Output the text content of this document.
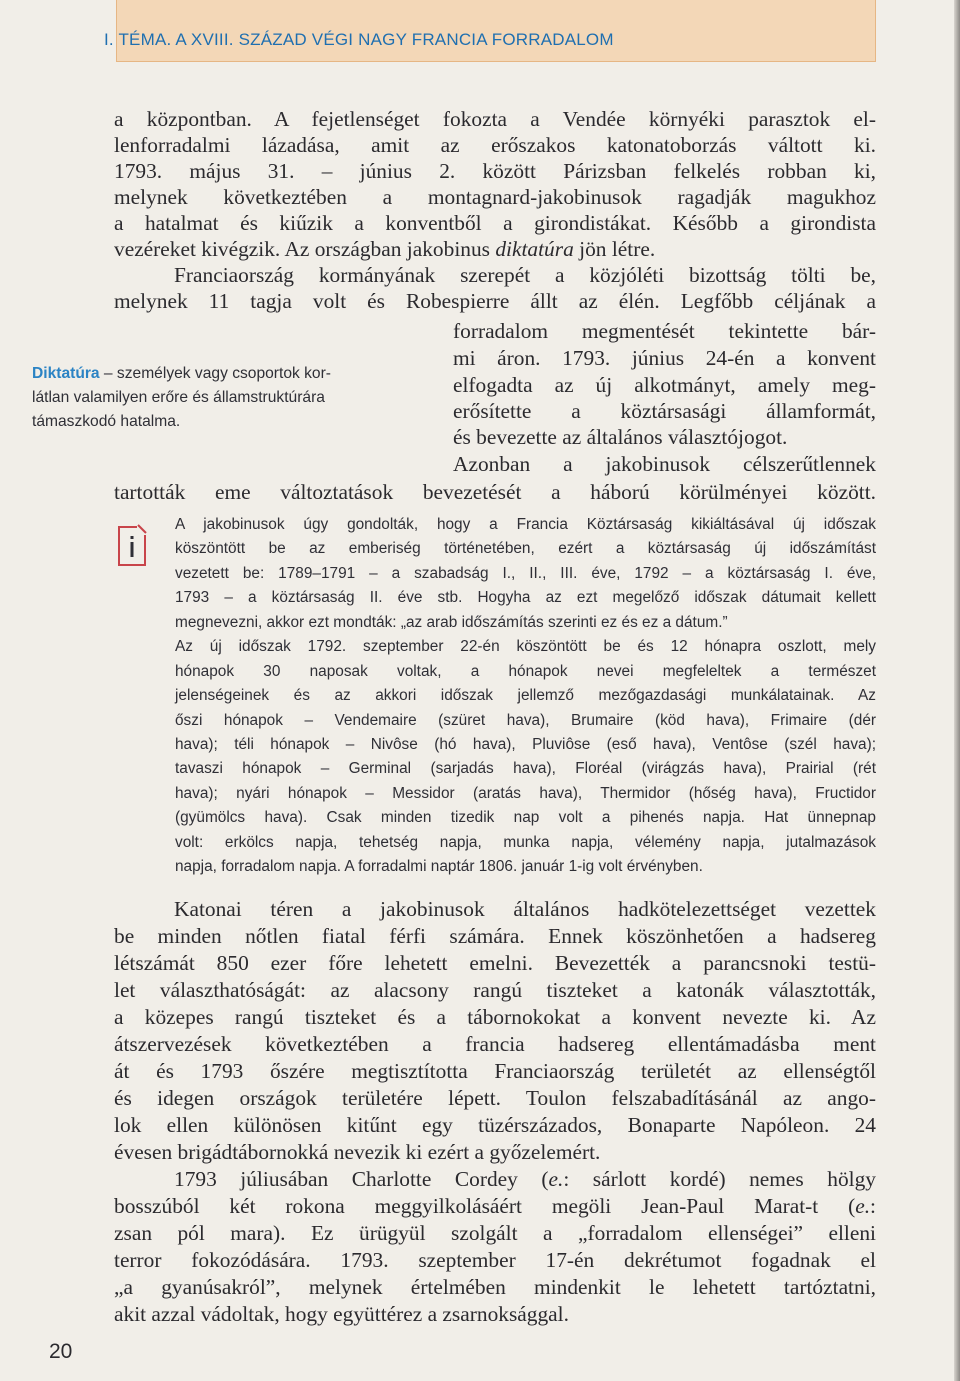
I. TÉMA. A XVIII. SZÁZAD VÉGI NAGY FRANCIA FORRADALOM
a központban. A fejetlenséget fokozta a Vendée környéki parasztok el-
lenforradalmi lázadása, amit az erőszakos katonatoborzás váltott ki.
1793. május 31. – június 2. között Párizsban felkelés robban ki,
melynek következtében a montagnard-jakobinusok ragadják magukhoz
a hatalmat és kiűzik a konventből a girondistákat. Később a girondista
vezéreket kivégzik. Az országban jakobinus diktatúra jön létre.
Franciaország kormányának szerepét a közjóléti bizottság tölti be,
melynek 11 tagja volt és Robespierre állt az élén. Legfőbb céljának a
forradalom megmentését tekintette bár-
mi áron. 1793. június 24-én a konvent
elfogadta az új alkotmányt, amely meg-
erősítette a köztársasági államformát,
és bevezette az általános választójogot.
Azonban a jakobinusok célszerűtlennek
tartották eme változtatások bevezetését a háború körülményei között.
Diktatúra – személyek vagy csoportok kor-
látlan valamilyen erőre és államstruktúrára
támaszkodó hatalma.
A jakobinusok úgy gondolták, hogy a Francia Köztársaság kikiáltásával új időszak
köszöntött be az emberiség történetében, ezért a köztársaság új időszámítást
vezetett be: 1789–1791 – a szabadság I., II., III. éve, 1792 – a köztársaság I. éve,
1793 – a köztársaság II. éve stb. Hogyha az ezt megelőző időszak dátumait kellett
megnevezni, akkor ezt mondták: „az arab időszámítás szerinti ez és ez a dátum.”
Az új időszak 1792. szeptember 22-én köszöntött be és 12 hónapra oszlott, mely
hónapok 30 naposak voltak, a hónapok nevei megfeleltek a természet
jelenségeinek és az akkori időszak jellemző mezőgazdasági munkálatainak. Az
őszi hónapok – Vendemaire (szüret hava), Brumaire (köd hava), Frimaire (dér
hava); téli hónapok – Nivôse (hó hava), Pluviôse (eső hava), Ventôse (szél hava);
tavaszi hónapok – Germinal (sarjadás hava), Floréal (virágzás hava), Prairial (rét
hava); nyári hónapok – Messidor (aratás hava), Thermidor (hőség hava), Fructidor
(gyümölcs hava). Csak minden tizedik nap volt a pihenés napja. Hat ünnepnap
volt: erkölcs napja, tehetség napja, munka napja, vélemény napja, jutalmazások
napja, forradalom napja. A forradalmi naptár 1806. január 1-ig volt érvényben.
Katonai téren a jakobinusok általános hadkötelezettséget vezettek
be minden nőtlen fiatal férfi számára. Ennek köszönhetően a hadsereg
létszámát 850 ezer főre lehetett emelni. Bevezették a parancsnoki testü-
let választhatóságát: az alacsony rangú tiszteket a katonák választották,
a közepes rangú tiszteket és a tábornokokat a konvent nevezte ki. Az
átszervezések következtében a francia hadsereg ellentámadásba ment
át és 1793 őszére megtisztította Franciaország területét az ellenségtől
és idegen országok területére lépett. Toulon felszabadításánál az ango-
lok ellen különösen kitűnt egy tüzérszázados, Bonaparte Napóleon. 24
évesen brigádtábornokká nevezik ki ezért a győzelemért.
1793 júliusában Charlotte Cordey (e.: sárlott kordé) nemes hölgy
bosszúból két rokona meggyilkolásáért megöli Jean-Paul Marat-t (e.:
zsan pól mara). Ez ürügyül szolgált a „forradalom ellenségei” elleni
terror fokozódására. 1793. szeptember 17-én dekrétumot fogadnak el
„a gyanúsakról”, melynek értelmében mindenkit le lehetett tartóztatni,
akit azzal vádoltak, hogy együttérez a zsarnoksággal.
20
